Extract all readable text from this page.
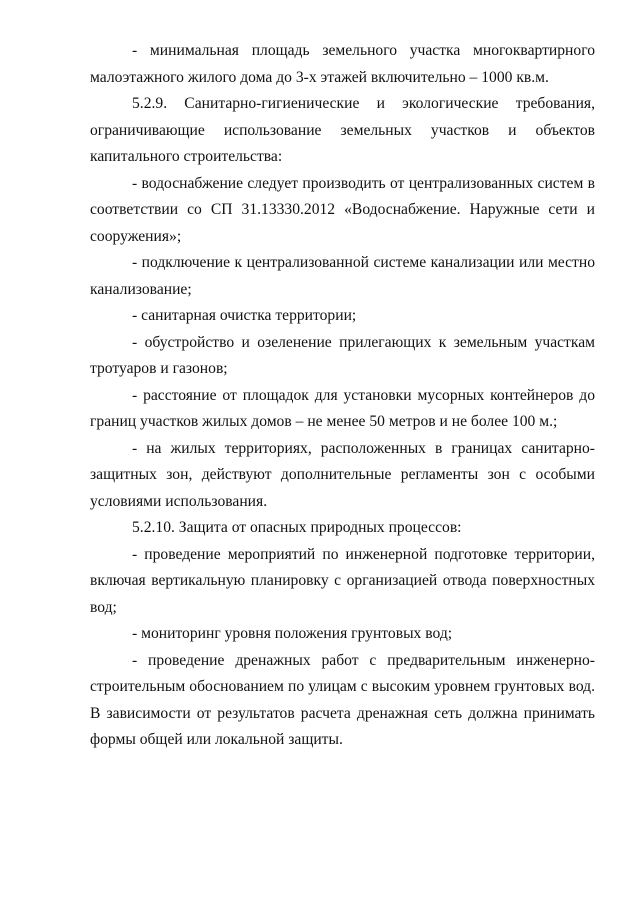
- минимальная площадь земельного участка многоквартирного малоэтажного жилого дома до 3-х этажей включительно – 1000 кв.м.

5.2.9. Санитарно-гигиенические и экологические требования, ограничивающие использование земельных участков и объектов капитального строительства:

- водоснабжение следует производить от централизованных систем в соответствии со СП 31.13330.2012 «Водоснабжение. Наружные сети и сооружения»;

- подключение к централизованной системе канализации или местно канализование;

- санитарная очистка территории;

- обустройство и озеленение прилегающих к земельным участкам тротуаров и газонов;

- расстояние от площадок для установки мусорных контейнеров до границ участков жилых домов – не менее 50 метров и не более 100 м.;

- на жилых территориях, расположенных в границах санитарно-защитных зон, действуют дополнительные регламенты зон с особыми условиями использования.

5.2.10. Защита от опасных природных процессов:

- проведение мероприятий по инженерной подготовке территории, включая вертикальную планировку с организацией отвода поверхностных вод;

- мониторинг уровня положения грунтовых вод;

- проведение дренажных работ с предварительным инженерно-строительным обоснованием по улицам с высоким уровнем грунтовых вод. В зависимости от результатов расчета дренажная сеть должна принимать формы общей или локальной защиты.
